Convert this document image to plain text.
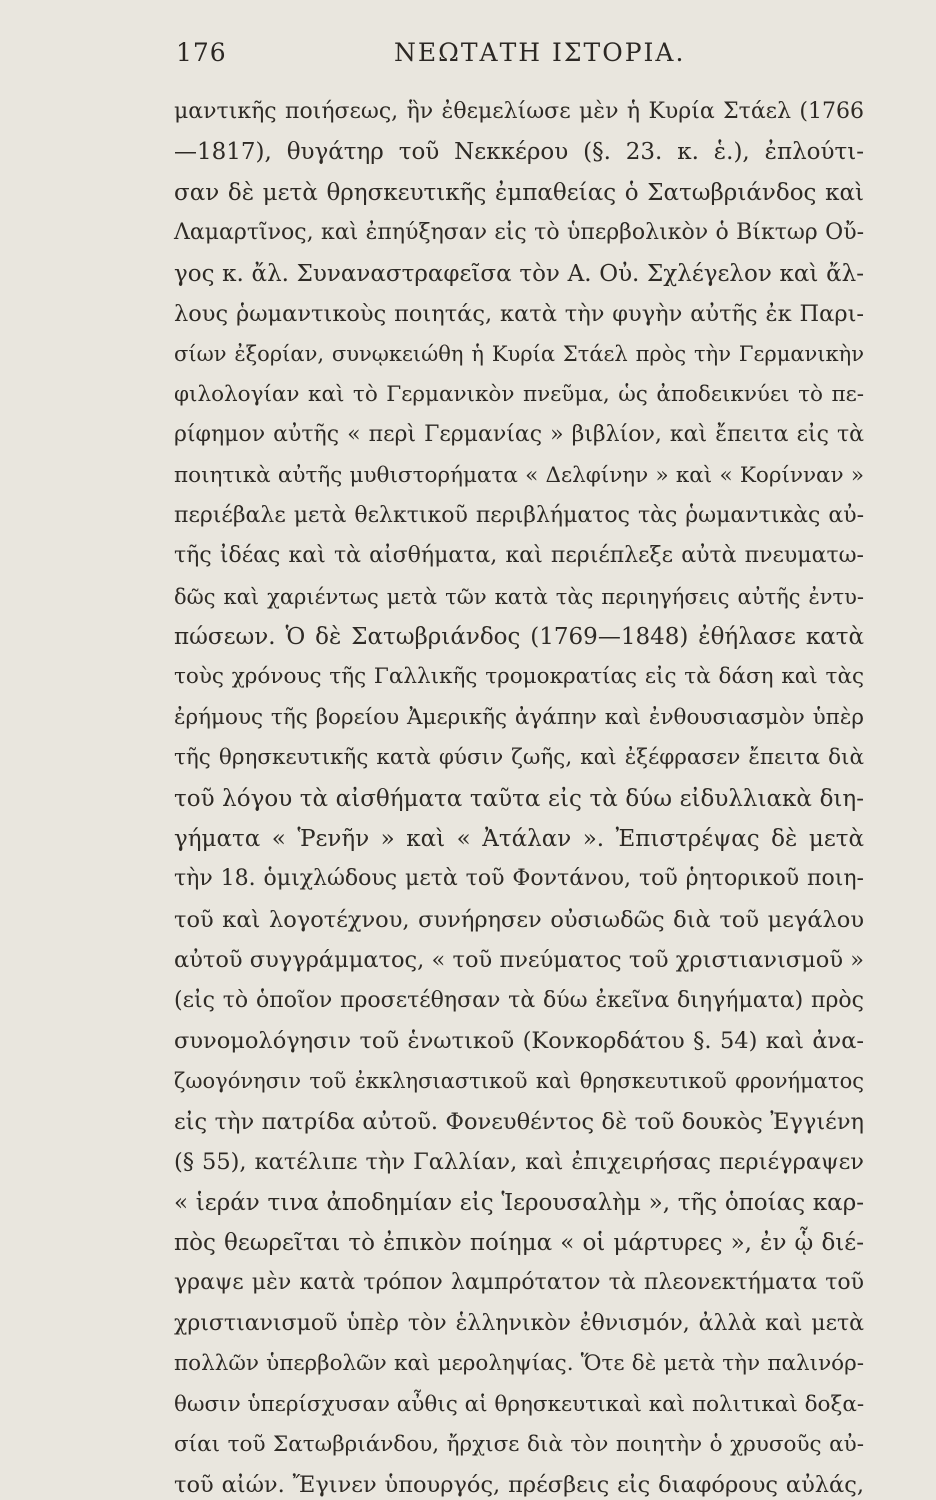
176	ΝΕΩΤΑΤΗ ΙΣΤΟΡΙΑ.
μαντικῆς ποιήσεως, ἣν ἐθεμελίωσε μὲν ἡ Κυρία Στάελ (1766
—1817), θυγάτηρ τοῦ Νεκκέρου (§. 23. κ. ἑ.), ἐπλούτι-
σαν δὲ μετὰ θρησκευτικῆς ἐμπαθείας ὁ Σατωβριάνδος καὶ
Λαμαρτῖνος, καὶ ἐπηύξησαν εἰς τὸ ὑπερβολικὸν ὁ Βίκτωρ Οὔ-
γος κ. ἄλ. Συναναστραφεῖσα τὸν Α. Οὐ. Σχλέγελον καὶ ἄλ-
λους ῥωμαντικοὺς ποιητάς, κατὰ τὴν φυγὴν αὐτῆς ἐκ Παρι-
σίων ἐξορίαν, συνῳκειώθη ἡ Κυρία Στάελ πρὸς τὴν Γερμανικὴν
φιλολογίαν καὶ τὸ Γερμανικὸν πνεῦμα, ὡς ἀποδεικνύει τὸ πε-
ρίφημον αὐτῆς « περὶ Γερμανίας » βιβλίον, καὶ ἔπειτα εἰς τὰ
ποιητικὰ αὐτῆς μυθιστορήματα « Δελφίνην » καὶ « Κορίνναν »
περιέβαλε μετὰ θελκτικοῦ περιβλήματος τὰς ῥωμαντικὰς αὐ-
τῆς ἰδέας καὶ τὰ αἰσθήματα, καὶ περιέπλεξε αὐτὰ πνευματω-
δῶς καὶ χαριέντως μετὰ τῶν κατὰ τὰς περιηγήσεις αὐτῆς ἐντυ-
πώσεων. Ὁ δὲ Σατωβριάνδος (1769—1848) ἐθήλασε κατὰ
τοὺς χρόνους τῆς Γαλλικῆς τρομοκρατίας εἰς τὰ δάση καὶ τὰς
ἐρήμους τῆς βορείου Ἀμερικῆς ἀγάπην καὶ ἐνθουσιασμὸν ὑπὲρ
τῆς θρησκευτικῆς κατὰ φύσιν ζωῆς, καὶ ἐξέφρασεν ἔπειτα διὰ
τοῦ λόγου τὰ αἰσθήματα ταῦτα εἰς τὰ δύω εἰδυλλιακὰ διη-
γήματα « Ῥενῆν » καὶ « Ἀτάλαν ». Ἐπιστρέψας δὲ μετὰ
τὴν 18. ὁμιχλώδους μετὰ τοῦ Φοντάνου, τοῦ ῥητορικοῦ ποιη-
τοῦ καὶ λογοτέχνου, συνήρησεν οὐσιωδῶς διὰ τοῦ μεγάλου
αὐτοῦ συγγράμματος, « τοῦ πνεύματος τοῦ χριστιανισμοῦ »
(εἰς τὸ ὁποῖον προσετέθησαν τὰ δύω ἐκεῖνα διηγήματα) πρὸς
συνομολόγησιν τοῦ ἑνωτικοῦ (Κονκορδάτου §. 54) καὶ ἀνα-
ζωογόνησιν τοῦ ἐκκλησιαστικοῦ καὶ θρησκευτικοῦ φρονήματος
εἰς τὴν πατρίδα αὐτοῦ. Φονευθέντος δὲ τοῦ δουκὸς Ἐγγιένη
(§ 55), κατέλιπε τὴν Γαλλίαν, καὶ ἐπιχειρήσας περιέγραψεν
« ἱεράν τινα ἀποδημίαν εἰς Ἱερουσαλὴμ », τῆς ὁποίας καρ-
πὸς θεωρεῖται τὸ ἐπικὸν ποίημα « οἱ μάρτυρες », ἐν ᾧ διέ-
γραψε μὲν κατὰ τρόπον λαμπρότατον τὰ πλεονεκτήματα τοῦ
χριστιανισμοῦ ὑπὲρ τὸν ἑλληνικὸν ἐθνισμόν, ἀλλὰ καὶ μετὰ
πολλῶν ὑπερβολῶν καὶ μεροληψίας. Ὅτε δὲ μετὰ τὴν παλινόρ-
θωσιν ὑπερίσχυσαν αὖθις αἱ θρησκευτικαὶ καὶ πολιτικαὶ δοξα-
σίαι τοῦ Σατωβριάνδου, ἤρχισε διὰ τὸν ποιητὴν ὁ χρυσοῦς αὐ-
τοῦ αἰών. Ἔγινεν ὑπουργός, πρέσβεις εἰς διαφόρους αὐλάς,
